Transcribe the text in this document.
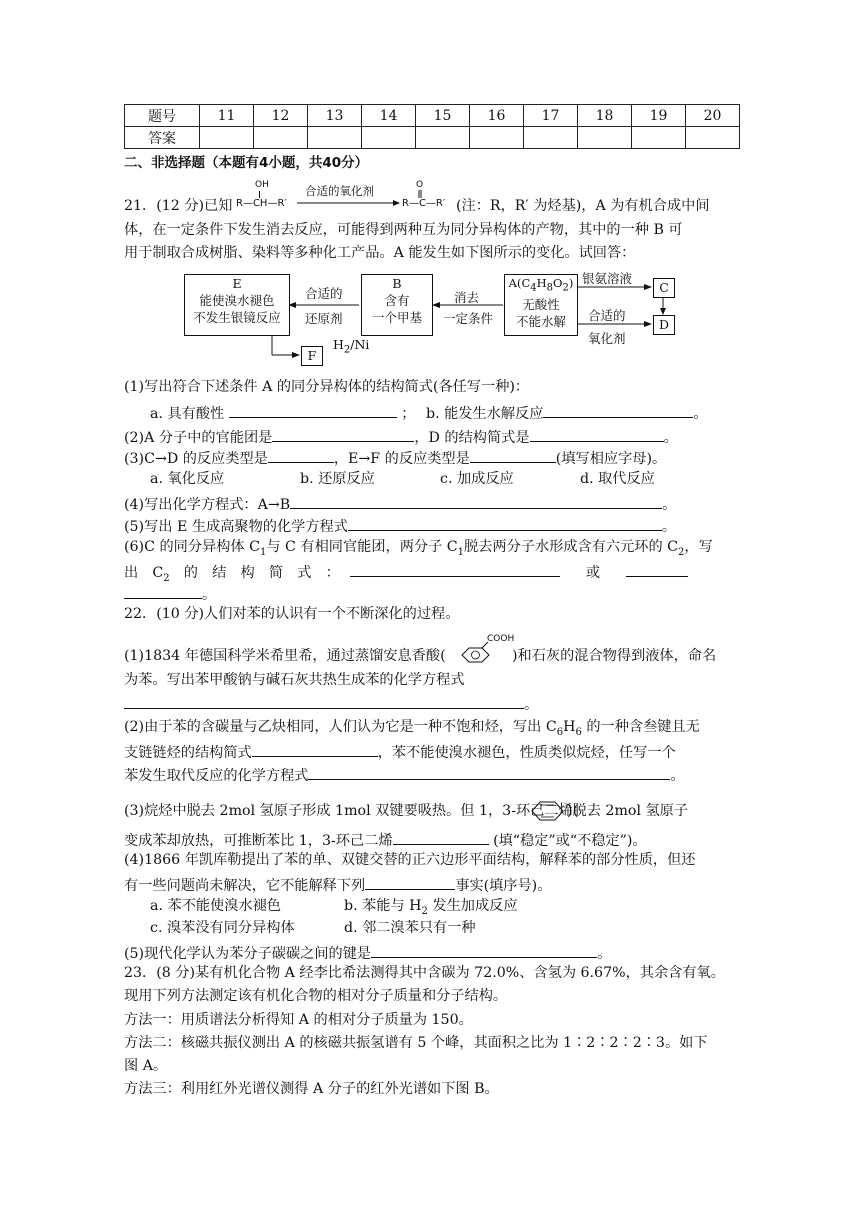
题号	11	12	13	14	15	16	17	18	19	20
答案										
二、非选择题（本题有4小题，共40分）
21．(12 分)已知
OH
R—CH—R′
合适的氧化剂	O
R—C—R′ (注：R，R′ 为烃基)，A 为有机合成中间
体，在一定条件下发生消去反应，可能得到两种互为同分异构体的产物，其中的一种 B 可
用于制取合成树脂、染料等多种化工产品。A 能发生如下图所示的变化。试回答：
E
能使溴水褪色
不发生银镜反应
合适的
还原剂
B
含有
一个甲基
消去
一定条件
$A(C_4H_8O_2)$
无酸性
不能水解
银氨溶液
合适的
氧化剂
C
D
F
$H_2/Ni$
(1)写出符合下述条件 A 的同分异构体的结构简式(各任写一种)：
a. 具有酸性	； b. 能发生水解反应	。
(2)A 分子中的官能团是	，D 的结构简式是	。
(3)C→D 的反应类型是	，E→F 的反应类型是	(填写相应字母)。
a. 氧化反应	b. 还原反应	c. 加成反应	d. 取代反应
(4)写出化学方程式：A→B	。
(5)写出 E 生成高聚物的化学方程式	。
(6)C 的同分异构体 $C_1$与 C 有相同官能团，两分子 $C_1$脱去两分子水形成含有六元环的 $C_2$，写
出　$C_2$　的　结　构　简　式　：	或
。
22．(10 分)人们对苯的认识有一个不断深化的过程。
(1)1834 年德国科学米希里希，通过蒸馏安息香酸(
COOH
)和石灰的混合物得到液体，命名
为苯。写出苯甲酸钠与碱石灰共热生成苯的化学方程式
。
(2)由于苯的含碳量与乙炔相同，人们认为它是一种不饱和烃，写出 $C_6H_6$ 的一种含叁键且无
支链链烃的结构简式	，苯不能使溴水褪色，性质类似烷烃，任写一个
苯发生取代反应的化学方程式	。
(3)烷烃中脱去 2mol 氢原子形成 1mol 双键要吸热。但 1，3-环己二烯(
)脱去 2mol 氢原子
变成苯却放热，可推断苯比 1，3-环己二烯	(填“稳定”或“不稳定”)。
(4)1866 年凯库勒提出了苯的单、双键交替的正六边形平面结构，解释苯的部分性质，但还
有一些问题尚未解决，它不能解释下列	事实(填序号)。
a. 苯不能使溴水褪色	b. 苯能与 $H_2$ 发生加成反应
c. 溴苯没有同分异构体	d. 邻二溴苯只有一种
(5)现代化学认为苯分子碳碳之间的键是	。
23．(8 分)某有机化合物 A 经李比希法测得其中含碳为 72.0%、含氢为 6.67%，其余含有氧。
现用下列方法测定该有机化合物的相对分子质量和分子结构。
方法一：用质谱法分析得知 A 的相对分子质量为 150。
方法二：核磁共振仪测出 A 的核磁共振氢谱有 5 个峰，其面积之比为 1∶2∶2∶2∶3。如下
图 A。
方法三：利用红外光谱仪测得 A 分子的红外光谱如下图 B。
